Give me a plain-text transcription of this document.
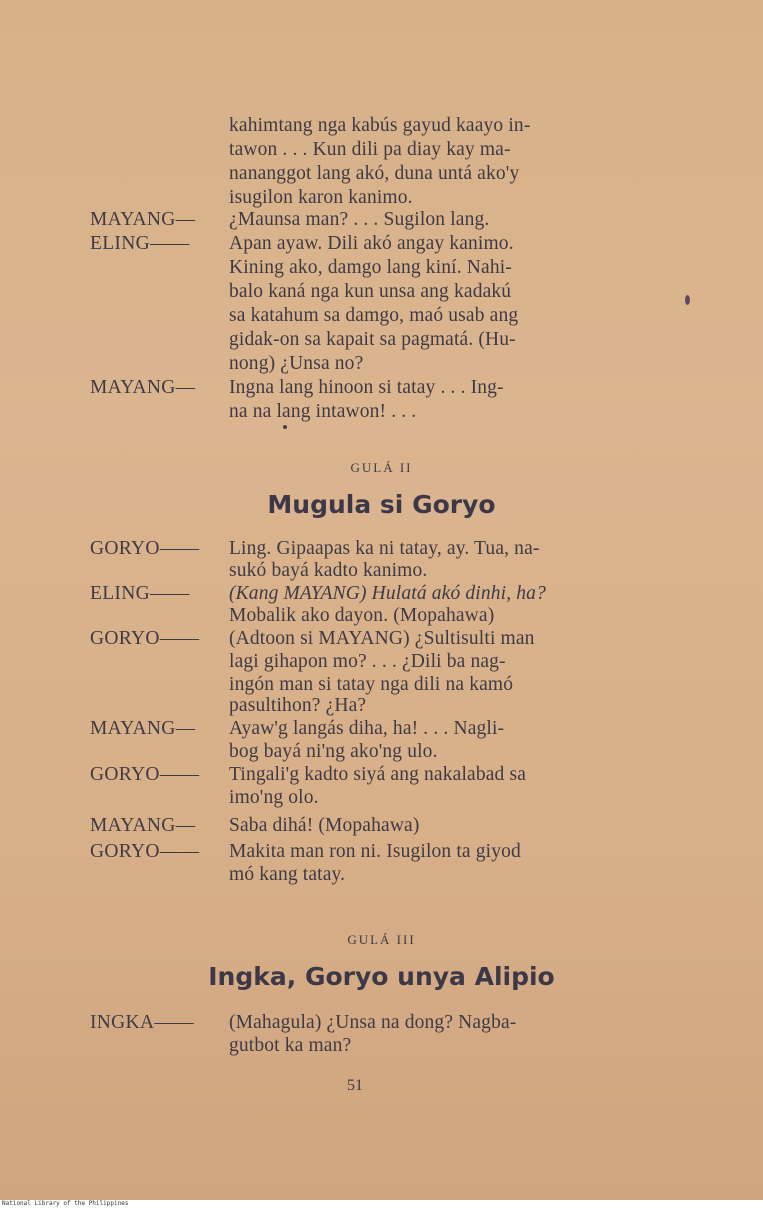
kahimtang nga kabús gayud kaayo in-
tawon . . . Kun dili pa diay kay ma-
nananggot lang akó, duna untá ako'y
isugilon karon kanimo.
MAYANG— ¿Maunsa man? . . . Sugilon lang.
ELING—— Apan ayaw. Dili akó angay kanimo.
Kining ako, damgo lang kiní. Nahi-
balo kaná nga kun unsa ang kadakú
sa katahum sa damgo, maó usab ang
gidak-on sa kapait sa pagmatá. (Hu-
nong) ¿Unsa no?
MAYANG— Ingna lang hinoon si tatay . . . Ing-
na na lang intawon! . . .
GULÁ II
Mugula si Goryo
GORYO—— Ling. Gipaapas ka ni tatay, ay. Tua, na-
sukó bayá kadto kanimo.
ELING—— (Kang MAYANG) Hulatá akó dinhi, ha?
Mobalik ako dayon. (Mopahawa)
GORYO—— (Adtoon si MAYANG) ¿Sultisulti man
lagi gihapon mo? . . . ¿Dili ba nag-
ingón man si tatay nga dili na kamó
pasultihon? ¿Ha?
MAYANG— Ayaw'g langás diha, ha! . . . Nagli-
bog bayá ni'ng ako'ng ulo.
GORYO—— Tingali'g kadto siyá ang nakalabad sa
imo'ng olo.
MAYANG— Saba dihá! (Mopahawa)
GORYO—— Makita man ron ni. Isugilon ta giyod
mó kang tatay.
GULÁ III
Ingka, Goryo unya Alipio
INGKA—— (Mahagula) ¿Unsa na dong? Nagba-
gutbot ka man?
51
National Library of the Philippines
